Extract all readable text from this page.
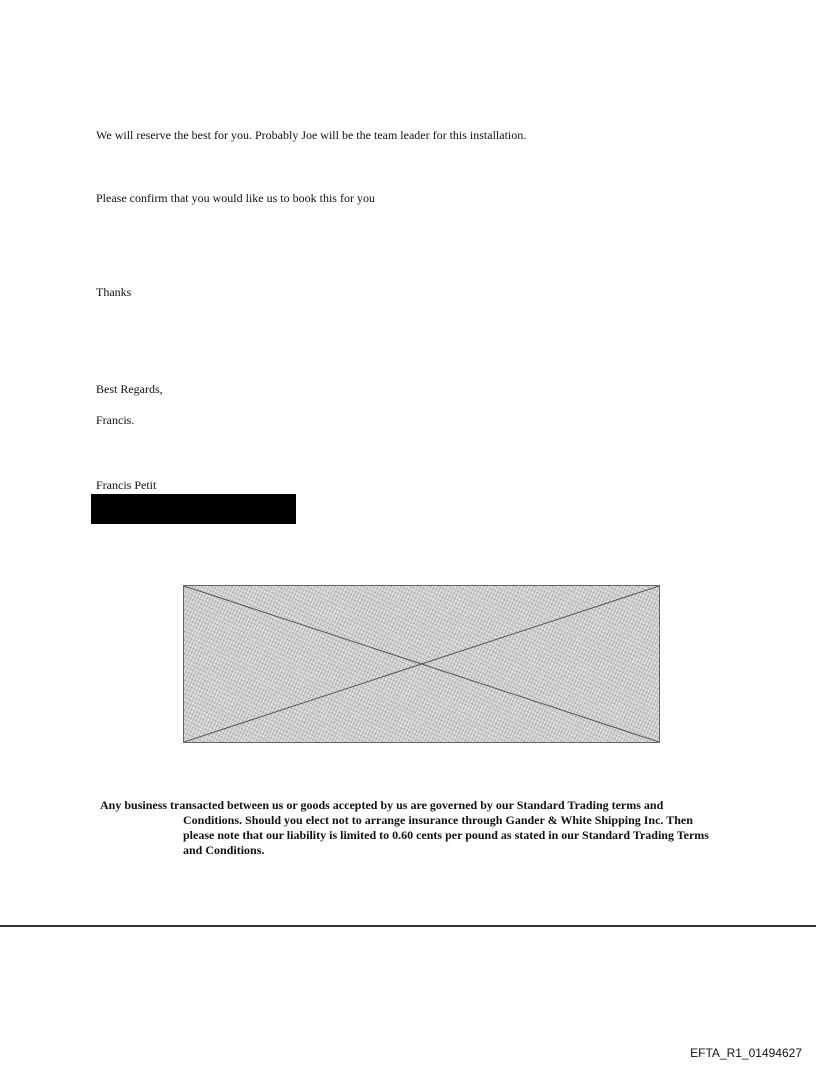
We will reserve the best for you. Probably Joe will be the team leader for this installation.
Please confirm that you would like us to book this for you
Thanks
Best Regards,
Francis.
Francis Petit
Any business transacted between us or goods accepted by us are governed by our Standard Trading terms and Conditions. Should you elect not to arrange insurance through Gander & White Shipping Inc. Then please note that our liability is limited to 0.60 cents per pound as stated in our Standard Trading Terms and Conditions.
EFTA_R1_01494627
